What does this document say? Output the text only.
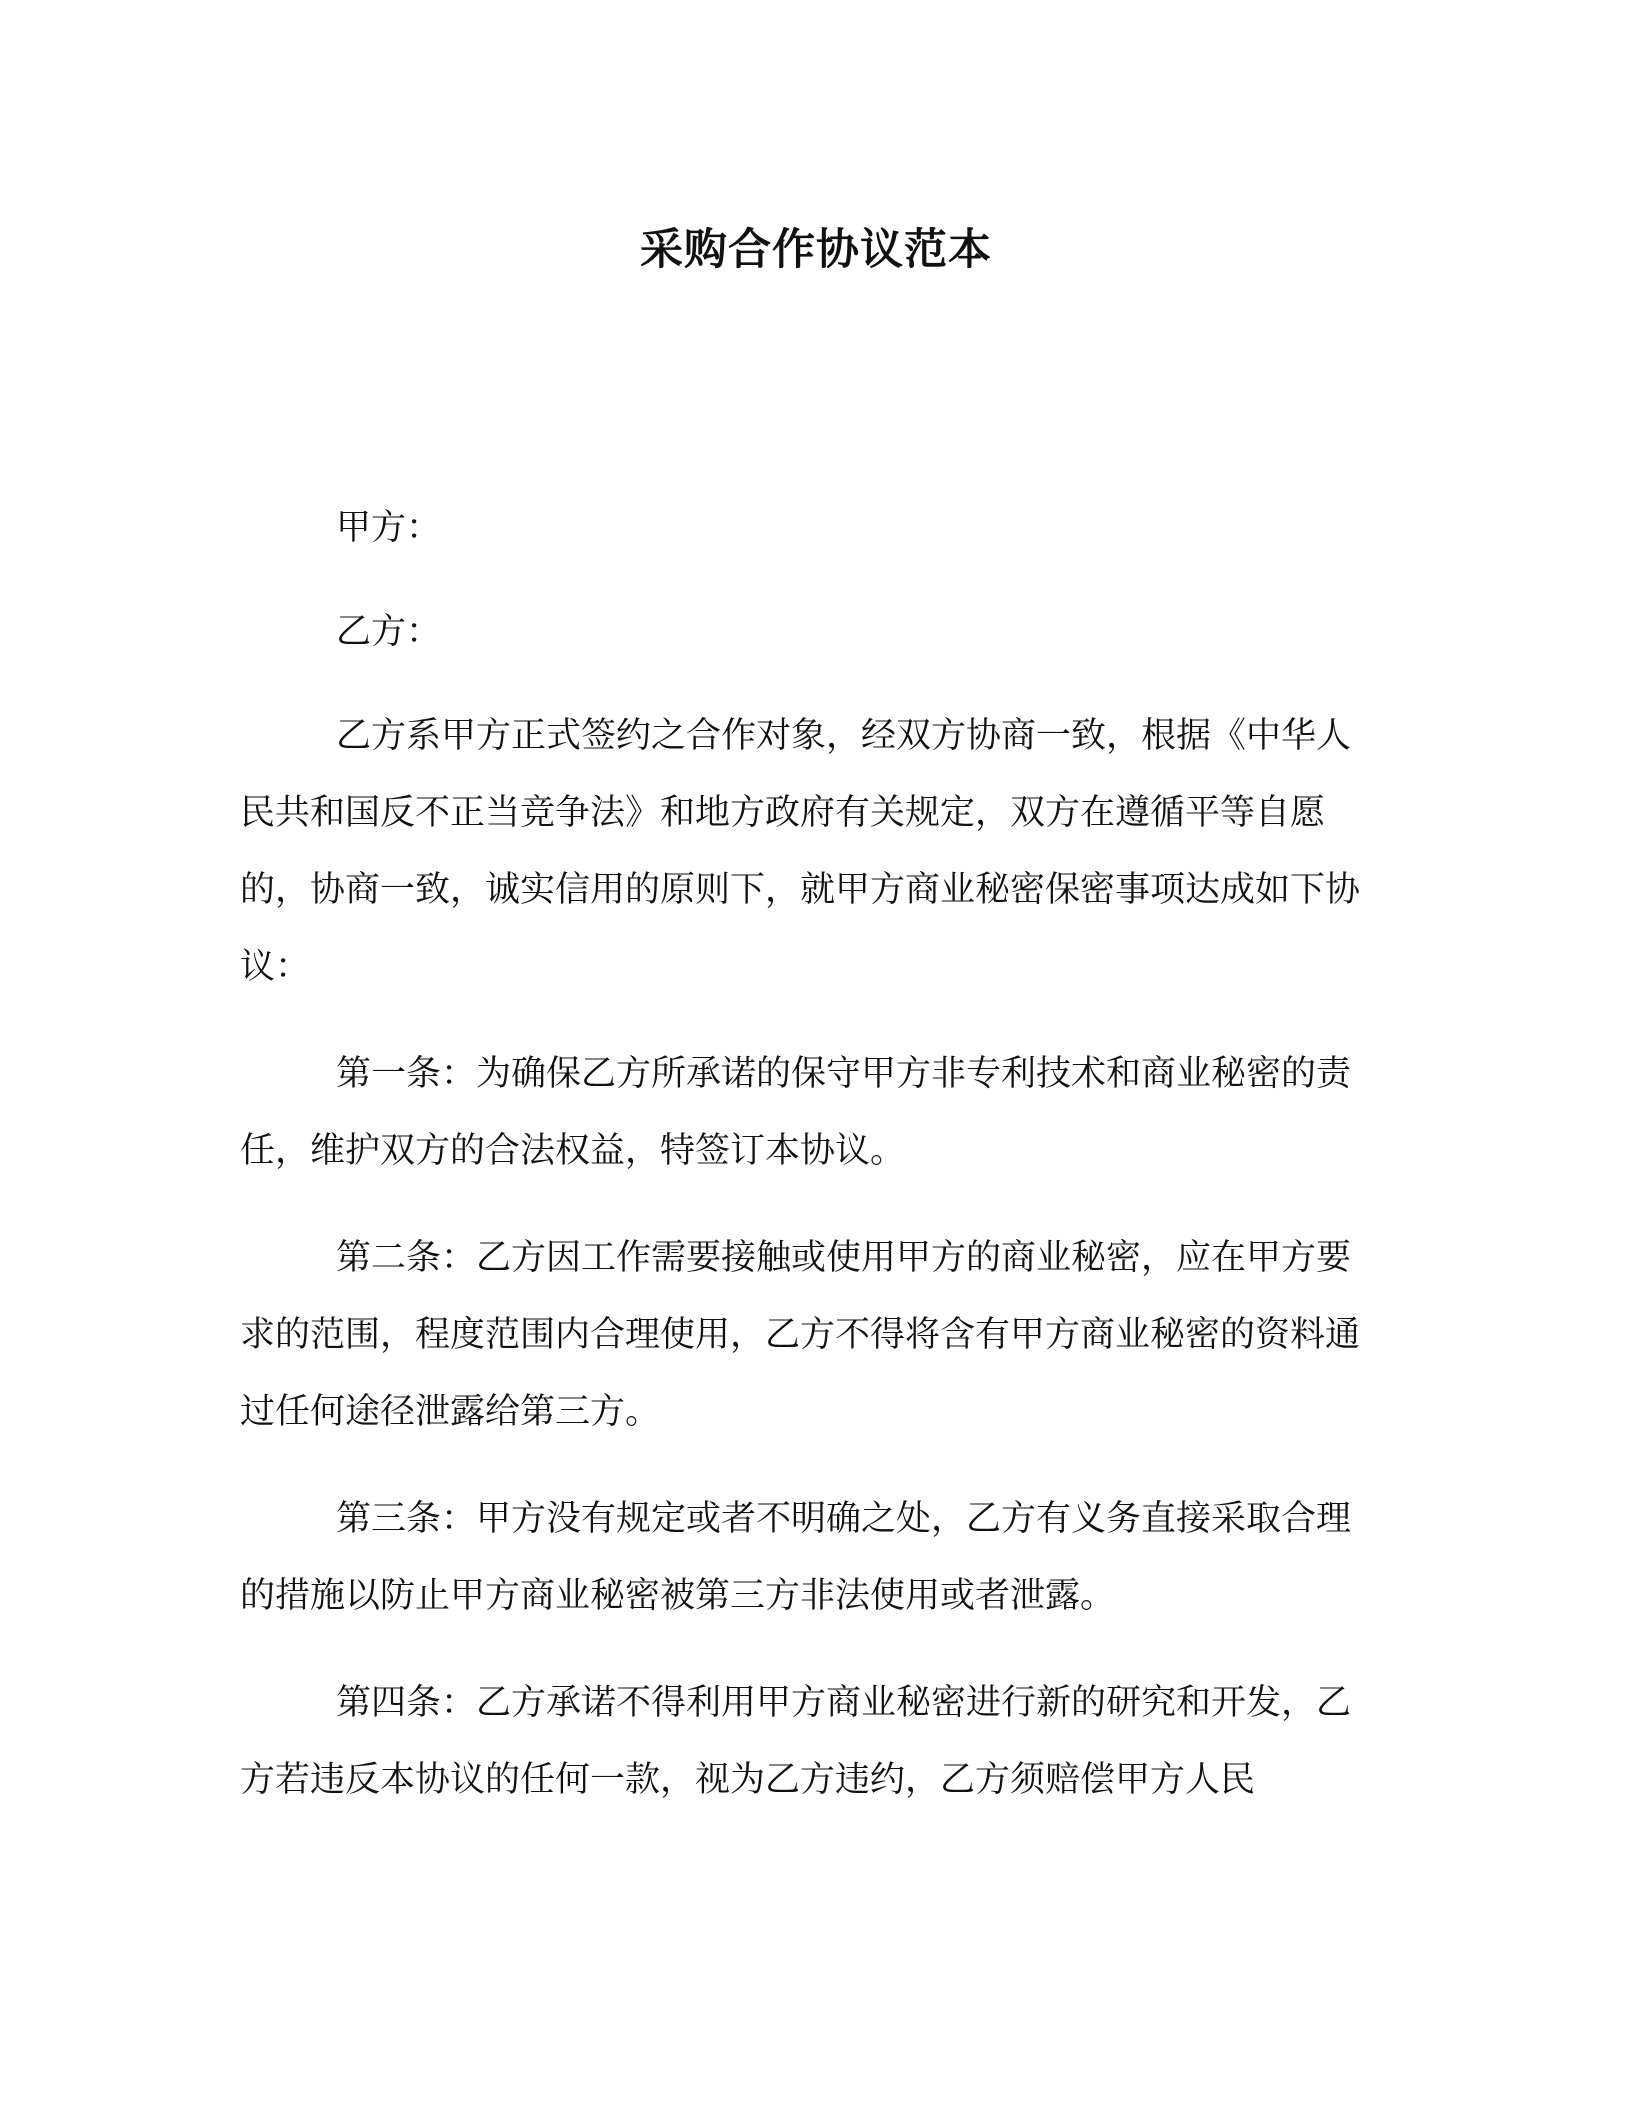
采购合作协议范本

甲方：

乙方：

乙方系甲方正式签约之合作对象，经双方协商一致，根据《中华人民共和国反不正当竞争法》和地方政府有关规定，双方在遵循平等自愿的，协商一致，诚实信用的原则下，就甲方商业秘密保密事项达成如下协议：

第一条：为确保乙方所承诺的保守甲方非专利技术和商业秘密的责任，维护双方的合法权益，特签订本协议。

第二条：乙方因工作需要接触或使用甲方的商业秘密，应在甲方要求的范围，程度范围内合理使用，乙方不得将含有甲方商业秘密的资料通过任何途径泄露给第三方。

第三条：甲方没有规定或者不明确之处，乙方有义务直接采取合理的措施以防止甲方商业秘密被第三方非法使用或者泄露。

第四条：乙方承诺不得利用甲方商业秘密进行新的研究和开发，乙方若违反本协议的任何一款，视为乙方违约，乙方须赔偿甲方人民
